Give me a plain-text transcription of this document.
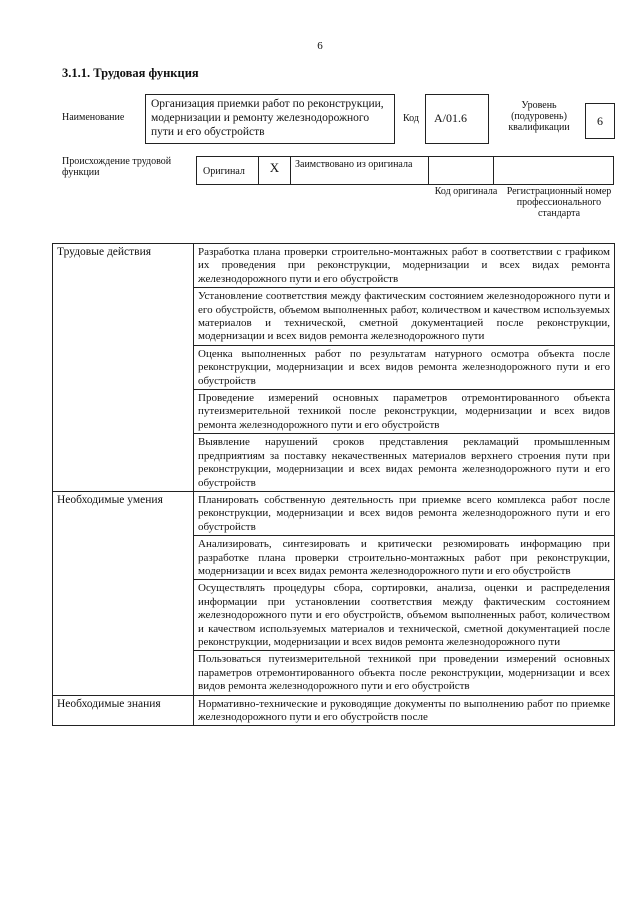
6
3.1.1. Трудовая функция
Наименование
Организация приемки работ по реконструкции, модернизации и ремонту железнодорожного пути и его обустройств
Код	А/01.6
Уровень (подуровень) квалификации	6
Происхождение трудовой функции	Оригинал	X	Заимствовано из оригинала
Код оригинала Регистрационный номер профессионального стандарта
Трудовые действия	Разработка плана проверки строительно-монтажных работ в соответствии с графиком их проведения при реконструкции, модернизации и всех видах ремонта железнодорожного пути и его обустройств
	Установление соответствия между фактическим состоянием железнодорожного пути и его обустройств, объемом выполненных работ, количеством и качеством используемых материалов и технической, сметной документацией после реконструкции, модернизации и всех видов ремонта железнодорожного пути
	Оценка выполненных работ по результатам натурного осмотра объекта после реконструкции, модернизации и всех видов ремонта железнодорожного пути и его обустройств
	Проведение измерений основных параметров отремонтированного объекта путеизмерительной техникой после реконструкции, модернизации и всех видов ремонта железнодорожного пути и его обустройств
	Выявление нарушений сроков представления рекламаций промышленным предприятиям за поставку некачественных материалов верхнего строения пути при реконструкции, модернизации и всех видах ремонта железнодорожного пути и его обустройств
Необходимые умения	Планировать собственную деятельность при приемке всего комплекса работ после реконструкции, модернизации и всех видов ремонта железнодорожного пути и его обустройств
	Анализировать, синтезировать и критически резюмировать информацию при разработке плана проверки строительно-монтажных работ при реконструкции, модернизации и всех видах ремонта железнодорожного пути и его обустройств
	Осуществлять процедуры сбора, сортировки, анализа, оценки и распределения информации при установлении соответствия между фактическим состоянием железнодорожного пути и его обустройств, объемом выполненных работ, количеством и качеством используемых материалов и технической, сметной документацией после реконструкции, модернизации и всех видов ремонта железнодорожного пути
	Пользоваться путеизмерительной техникой при проведении измерений основных параметров отремонтированного объекта после реконструкции, модернизации и всех видов ремонта железнодорожного пути и его обустройств
Необходимые знания	Нормативно-технические и руководящие документы по выполнению работ по приемке железнодорожного пути и его обустройств после
